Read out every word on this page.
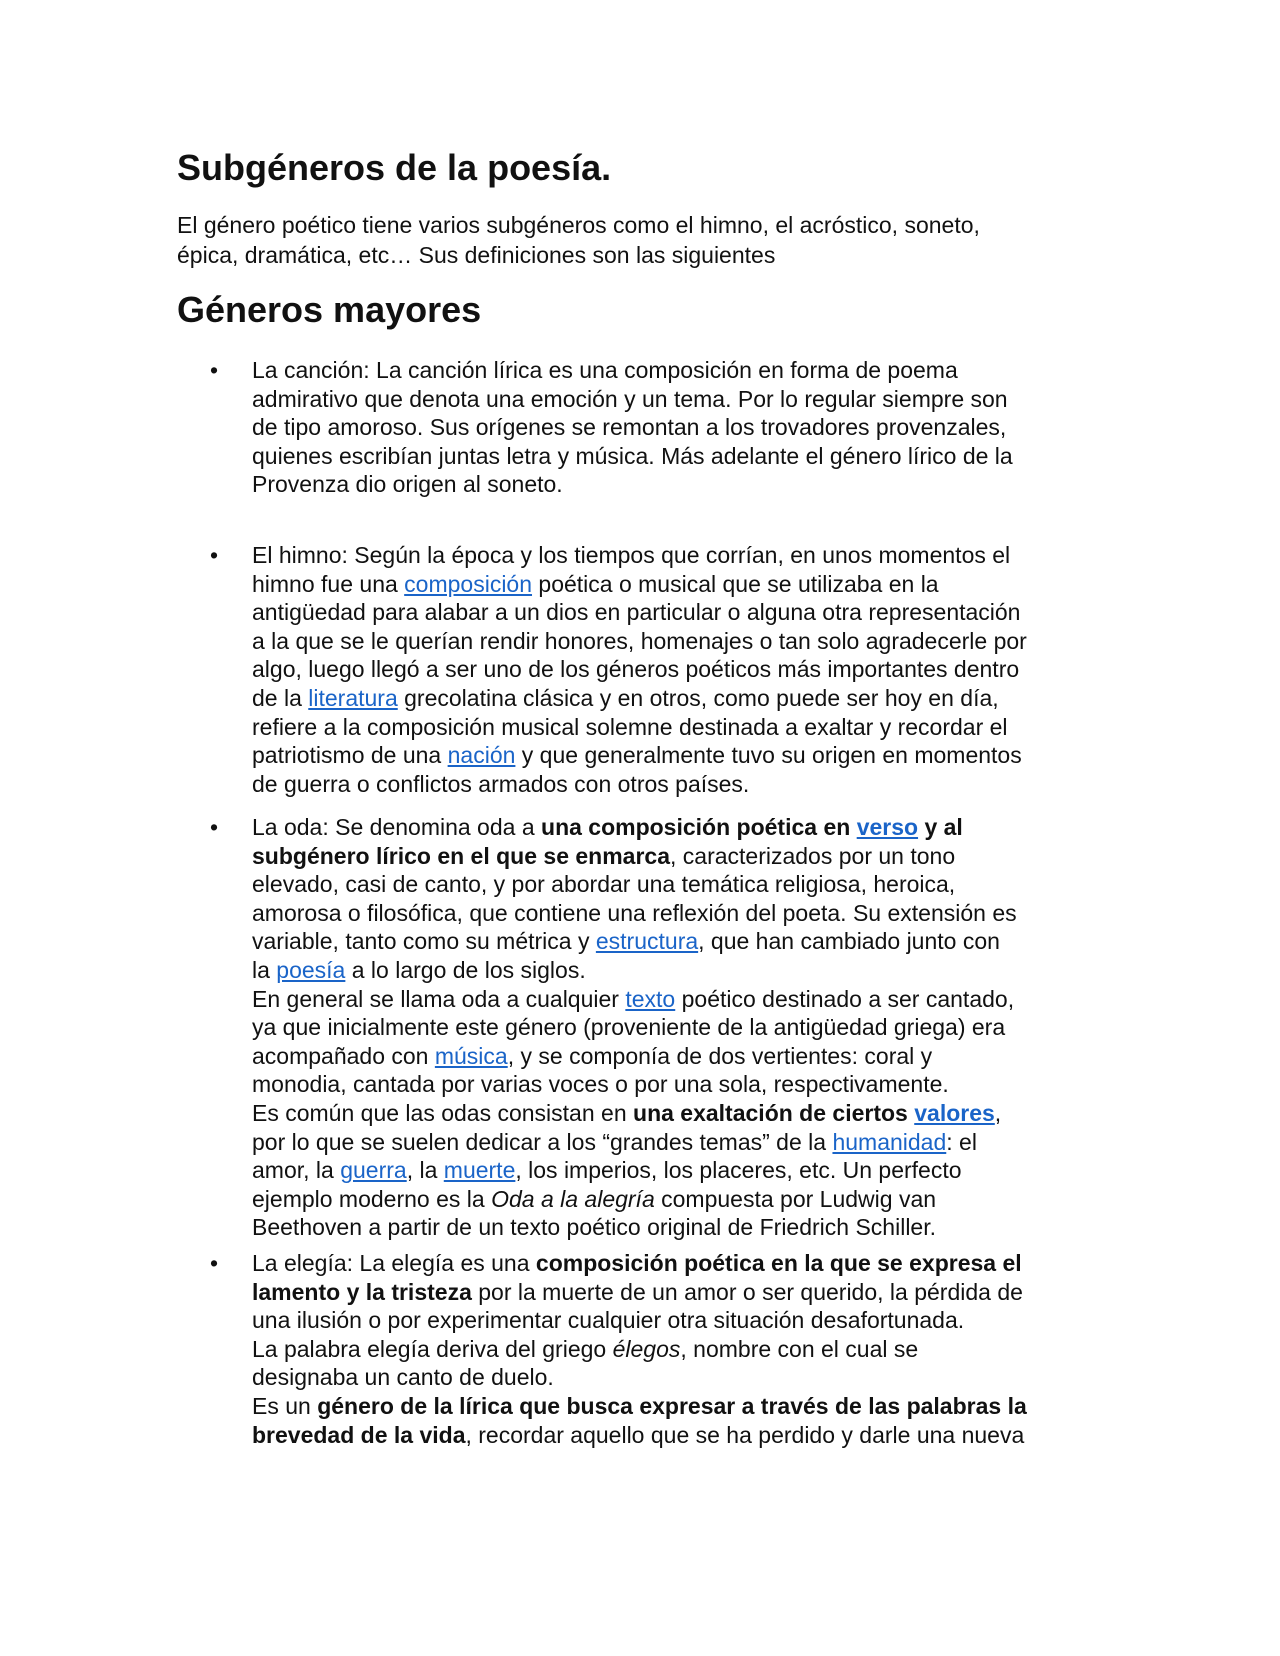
Subgéneros de la poesía.

El género poético tiene varios subgéneros como el himno, el acróstico, soneto,
épica, dramática, etc… Sus definiciones son las siguientes

Géneros mayores
• La canción: La canción lírica es una composición en forma de poema
admirativo que denota una emoción y un tema. Por lo regular siempre son
de tipo amoroso. Sus orígenes se remontan a los trovadores provenzales,
quienes escribían juntas letra y música. Más adelante el género lírico de la
Provenza dio origen al soneto.
• El himno: Según la época y los tiempos que corrían, en unos momentos el
himno fue una composición poética o musical que se utilizaba en la
antigüedad para alabar a un dios en particular o alguna otra representación
a la que se le querían rendir honores, homenajes o tan solo agradecerle por
algo, luego llegó a ser uno de los géneros poéticos más importantes dentro
de la literatura grecolatina clásica y en otros, como puede ser hoy en día,
refiere a la composición musical solemne destinada a exaltar y recordar el
patriotismo de una nación y que generalmente tuvo su origen en momentos
de guerra o conflictos armados con otros países.
• La oda: Se denomina oda a una composición poética en verso y al
subgénero lírico en el que se enmarca, caracterizados por un tono
elevado, casi de canto, y por abordar una temática religiosa, heroica,
amorosa o filosófica, que contiene una reflexión del poeta. Su extensión es
variable, tanto como su métrica y estructura, que han cambiado junto con
la poesía a lo largo de los siglos.
En general se llama oda a cualquier texto poético destinado a ser cantado,
ya que inicialmente este género (proveniente de la antigüedad griega) era
acompañado con música, y se componía de dos vertientes: coral y
monodia, cantada por varias voces o por una sola, respectivamente.
Es común que las odas consistan en una exaltación de ciertos valores,
por lo que se suelen dedicar a los “grandes temas” de la humanidad: el
amor, la guerra, la muerte, los imperios, los placeres, etc. Un perfecto
ejemplo moderno es la Oda a la alegría compuesta por Ludwig van
Beethoven a partir de un texto poético original de Friedrich Schiller.
• La elegía: La elegía es una composición poética en la que se expresa el
lamento y la tristeza por la muerte de un amor o ser querido, la pérdida de
una ilusión o por experimentar cualquier otra situación desafortunada.
La palabra elegía deriva del griego élegos, nombre con el cual se
designaba un canto de duelo.
Es un género de la lírica que busca expresar a través de las palabras la
brevedad de la vida, recordar aquello que se ha perdido y darle una nueva
